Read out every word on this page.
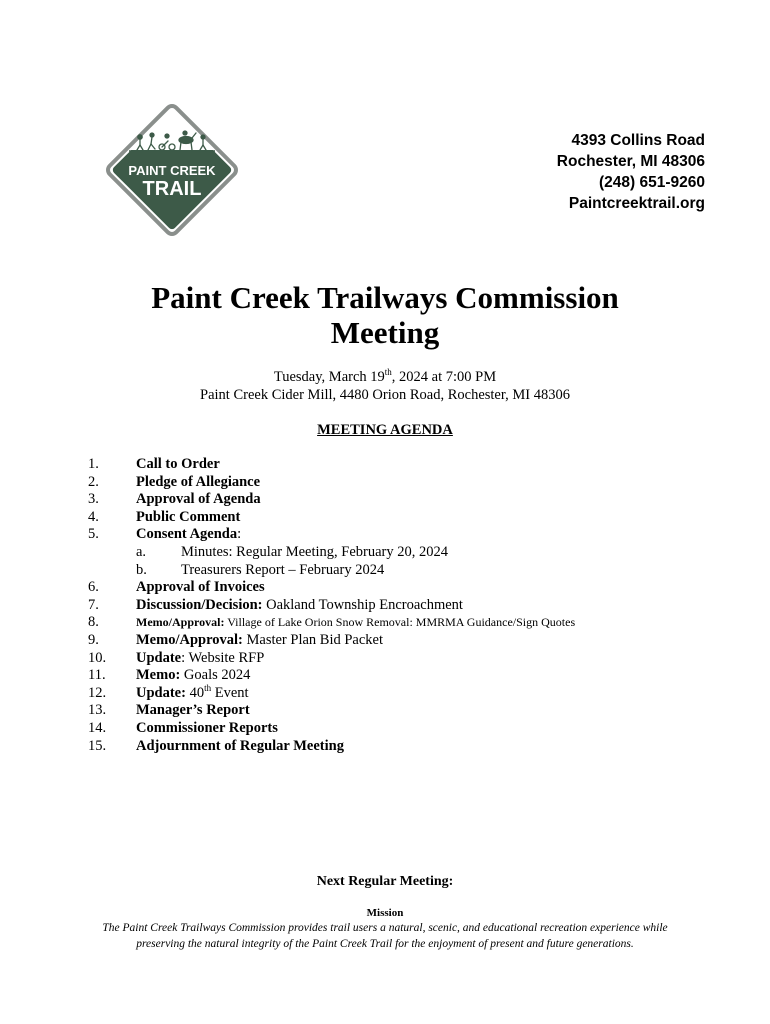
PAINT CREEK
TRAIL
4393 Collins Road
Rochester, MI 48306
(248) 651-9260
Paintcreektrail.org
Paint Creek Trailways Commission
Meeting
Tuesday, March 19th, 2024 at 7:00 PM
Paint Creek Cider Mill, 4480 Orion Road, Rochester, MI 48306
MEETING AGENDA
1.	Call to Order
2.	Pledge of Allegiance
3.	Approval of Agenda
4.	Public Comment
5.	Consent Agenda:
a. Minutes: Regular Meeting, February 20, 2024
b. Treasurers Report – February 2024
6.	Approval of Invoices
7.	Discussion/Decision: Oakland Township Encroachment
8.	Memo/Approval: Village of Lake Orion Snow Removal: MMRMA Guidance/Sign Quotes
9.	Memo/Approval: Master Plan Bid Packet
10. Update: Website RFP
11. Memo: Goals 2024
12. Update: 40th Event
13. Manager’s Report
14. Commissioner Reports
15. Adjournment of Regular Meeting
Next Regular Meeting:
Mission
The Paint Creek Trailways Commission provides trail users a natural, scenic, and educational recreation experience while preserving the natural integrity of the Paint Creek Trail for the enjoyment of present and future generations.
